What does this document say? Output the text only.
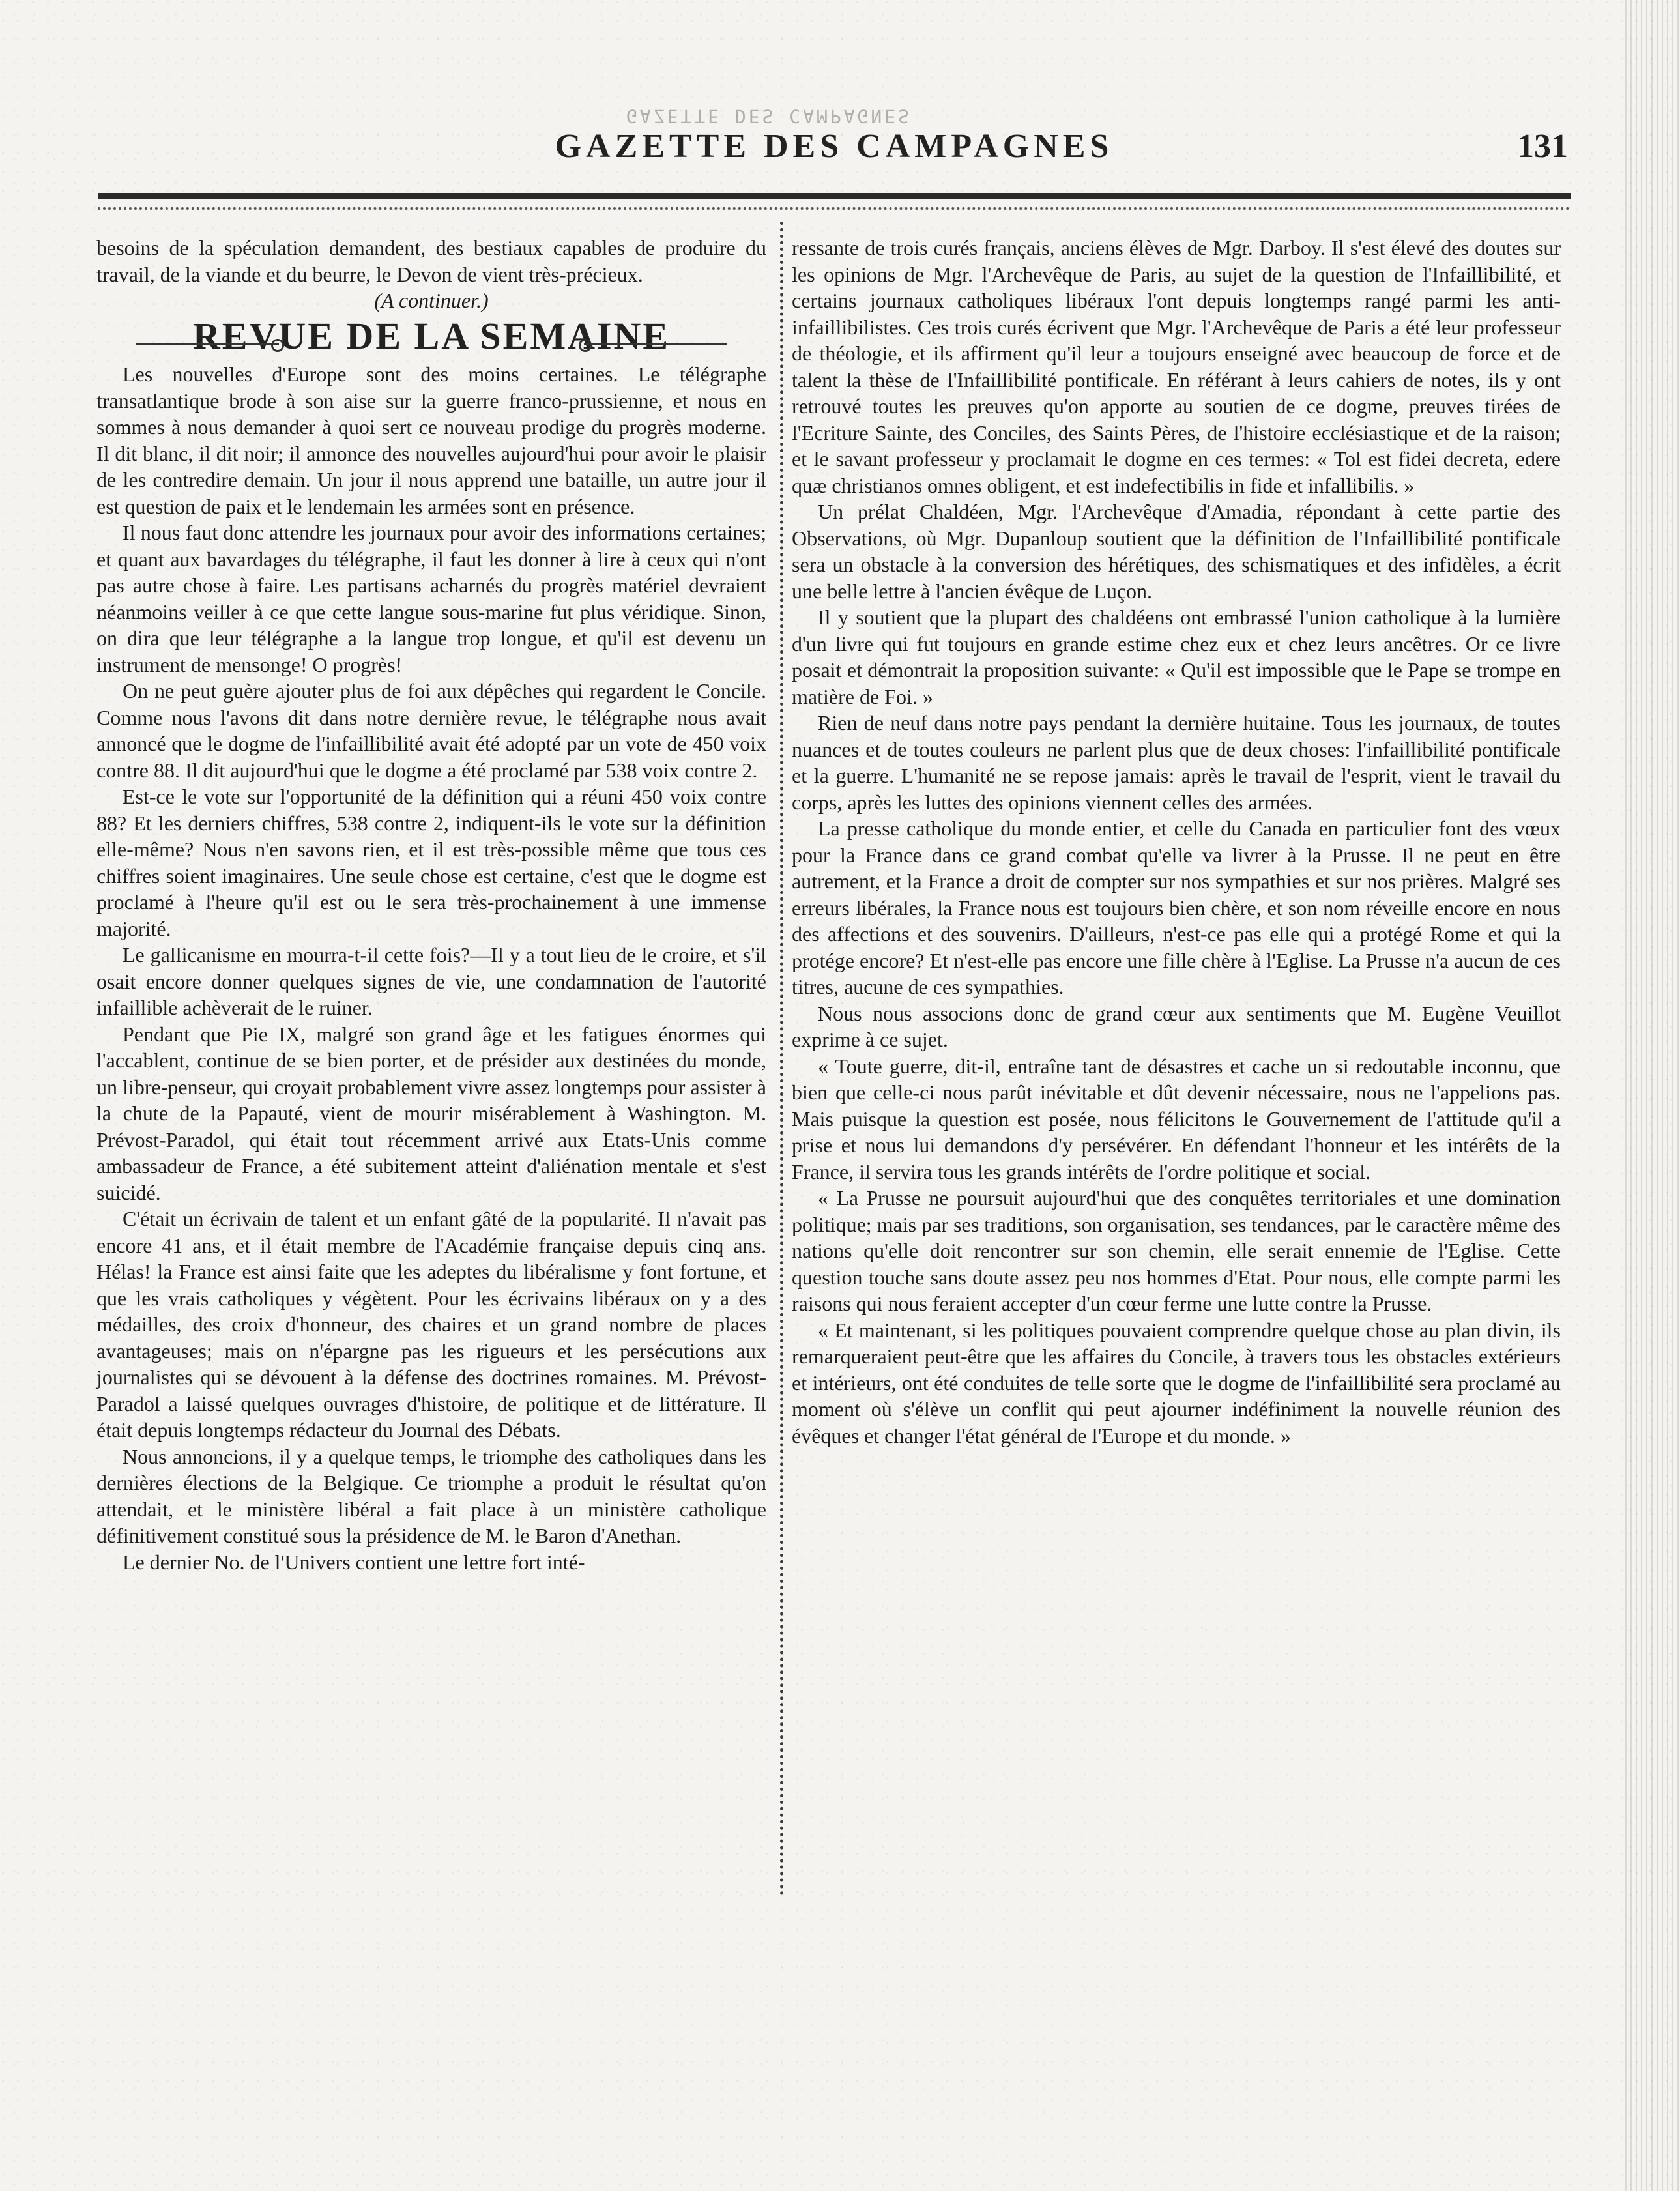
GAZETTE DES CAMPAGNES
GAZETTE DES CAMPAGNES	131

besoins de la spéculation demandent, des bestiaux capables de produire du travail, de la viande et du beurre, le Devon de vient très-précieux.

(A continuer.)

REVUE DE LA SEMAINE

Les nouvelles d'Europe sont des moins certaines. Le télégraphe transatlantique brode à son aise sur la guerre franco-prussienne, et nous en sommes à nous demander à quoi sert ce nouveau prodige du progrès moderne. Il dit blanc, il dit noir; il annonce des nouvelles aujourd'hui pour avoir le plaisir de les contredire demain. Un jour il nous apprend une bataille, un autre jour il est question de paix et le lendemain les armées sont en présence.

Il nous faut donc attendre les journaux pour avoir des informations certaines; et quant aux bavardages du télégraphe, il faut les donner à lire à ceux qui n'ont pas autre chose à faire. Les partisans acharnés du progrès matériel devraient néanmoins veiller à ce que cette langue sous-marine fut plus véridique. Sinon, on dira que leur télégraphe a la langue trop longue, et qu'il est devenu un instrument de mensonge! O progrès!

On ne peut guère ajouter plus de foi aux dépêches qui regardent le Concile. Comme nous l'avons dit dans notre dernière revue, le télégraphe nous avait annoncé que le dogme de l'infaillibilité avait été adopté par un vote de 450 voix contre 88. Il dit aujourd'hui que le dogme a été proclamé par 538 voix contre 2.

Est-ce le vote sur l'opportunité de la définition qui a réuni 450 voix contre 88? Et les derniers chiffres, 538 contre 2, indiquent-ils le vote sur la définition elle-même? Nous n'en savons rien, et il est très-possible même que tous ces chiffres soient imaginaires. Une seule chose est certaine, c'est que le dogme est proclamé à l'heure qu'il est ou le sera très-prochainement à une immense majorité.

Le gallicanisme en mourra-t-il cette fois?—Il y a tout lieu de le croire, et s'il osait encore donner quelques signes de vie, une condamnation de l'autorité infaillible achèverait de le ruiner.

Pendant que Pie IX, malgré son grand âge et les fatigues énormes qui l'accablent, continue de se bien porter, et de présider aux destinées du monde, un libre-penseur, qui croyait probablement vivre assez longtemps pour assister à la chute de la Papauté, vient de mourir misérablement à Washington. M. Prévost-Paradol, qui était tout récemment arrivé aux Etats-Unis comme ambassadeur de France, a été subitement atteint d'aliénation mentale et s'est suicidé.

C'était un écrivain de talent et un enfant gâté de la popularité. Il n'avait pas encore 41 ans, et il était membre de l'Académie française depuis cinq ans. Hélas! la France est ainsi faite que les adeptes du libéralisme y font fortune, et que les vrais catholiques y végètent. Pour les écrivains libéraux on y a des médailles, des croix d'honneur, des chaires et un grand nombre de places avantageuses; mais on n'épargne pas les rigueurs et les persécutions aux journalistes qui se dévouent à la défense des doctrines romaines. M. Prévost-Paradol a laissé quelques ouvrages d'histoire, de politique et de littérature. Il était depuis longtemps rédacteur du Journal des Débats.

Nous annoncions, il y a quelque temps, le triomphe des catholiques dans les dernières élections de la Belgique. Ce triomphe a produit le résultat qu'on attendait, et le ministère libéral a fait place à un ministère catholique définitivement constitué sous la présidence de M. le Baron d'Anethan.

Le dernier No. de l'Univers contient une lettre fort inté-

ressante de trois curés français, anciens élèves de Mgr. Darboy. Il s'est élevé des doutes sur les opinions de Mgr. l'Archevêque de Paris, au sujet de la question de l'Infaillibilité, et certains journaux catholiques libéraux l'ont depuis longtemps rangé parmi les anti-infaillibilistes. Ces trois curés écrivent que Mgr. l'Archevêque de Paris a été leur professeur de théologie, et ils affirment qu'il leur a toujours enseigné avec beaucoup de force et de talent la thèse de l'Infaillibilité pontificale. En référant à leurs cahiers de notes, ils y ont retrouvé toutes les preuves qu'on apporte au soutien de ce dogme, preuves tirées de l'Ecriture Sainte, des Conciles, des Saints Pères, de l'histoire ecclésiastique et de la raison; et le savant professeur y proclamait le dogme en ces termes: « Tol est fidei decreta, edere quæ christianos omnes obligent, et est indefectibilis in fide et infallibilis. »

Un prélat Chaldéen, Mgr. l'Archevêque d'Amadia, répondant à cette partie des Observations, où Mgr. Dupanloup soutient que la définition de l'Infaillibilité pontificale sera un obstacle à la conversion des hérétiques, des schismatiques et des infidèles, a écrit une belle lettre à l'ancien évêque de Luçon.

Il y soutient que la plupart des chaldéens ont embrassé l'union catholique à la lumière d'un livre qui fut toujours en grande estime chez eux et chez leurs ancêtres. Or ce livre posait et démontrait la proposition suivante: « Qu'il est impossible que le Pape se trompe en matière de Foi. »

Rien de neuf dans notre pays pendant la dernière huitaine. Tous les journaux, de toutes nuances et de toutes couleurs ne parlent plus que de deux choses: l'infaillibilité pontificale et la guerre. L'humanité ne se repose jamais: après le travail de l'esprit, vient le travail du corps, après les luttes des opinions viennent celles des armées.

La presse catholique du monde entier, et celle du Canada en particulier font des vœux pour la France dans ce grand combat qu'elle va livrer à la Prusse. Il ne peut en être autrement, et la France a droit de compter sur nos sympathies et sur nos prières. Malgré ses erreurs libérales, la France nous est toujours bien chère, et son nom réveille encore en nous des affections et des souvenirs. D'ailleurs, n'est-ce pas elle qui a protégé Rome et qui la protége encore? Et n'est-elle pas encore une fille chère à l'Eglise. La Prusse n'a aucun de ces titres, aucune de ces sympathies.

Nous nous associons donc de grand cœur aux sentiments que M. Eugène Veuillot exprime à ce sujet.

« Toute guerre, dit-il, entraîne tant de désastres et cache un si redoutable inconnu, que bien que celle-ci nous parût inévitable et dût devenir nécessaire, nous ne l'appelions pas. Mais puisque la question est posée, nous félicitons le Gouvernement de l'attitude qu'il a prise et nous lui demandons d'y persévérer. En défendant l'honneur et les intérêts de la France, il servira tous les grands intérêts de l'ordre politique et social.

« La Prusse ne poursuit aujourd'hui que des conquêtes territoriales et une domination politique; mais par ses traditions, son organisation, ses tendances, par le caractère même des nations qu'elle doit rencontrer sur son chemin, elle serait ennemie de l'Eglise. Cette question touche sans doute assez peu nos hommes d'Etat. Pour nous, elle compte parmi les raisons qui nous feraient accepter d'un cœur ferme une lutte contre la Prusse.

« Et maintenant, si les politiques pouvaient comprendre quelque chose au plan divin, ils remarqueraient peut-être que les affaires du Concile, à travers tous les obstacles extérieurs et intérieurs, ont été conduites de telle sorte que le dogme de l'infaillibilité sera proclamé au moment où s'élève un conflit qui peut ajourner indéfiniment la nouvelle réunion des évêques et changer l'état général de l'Europe et du monde. »
